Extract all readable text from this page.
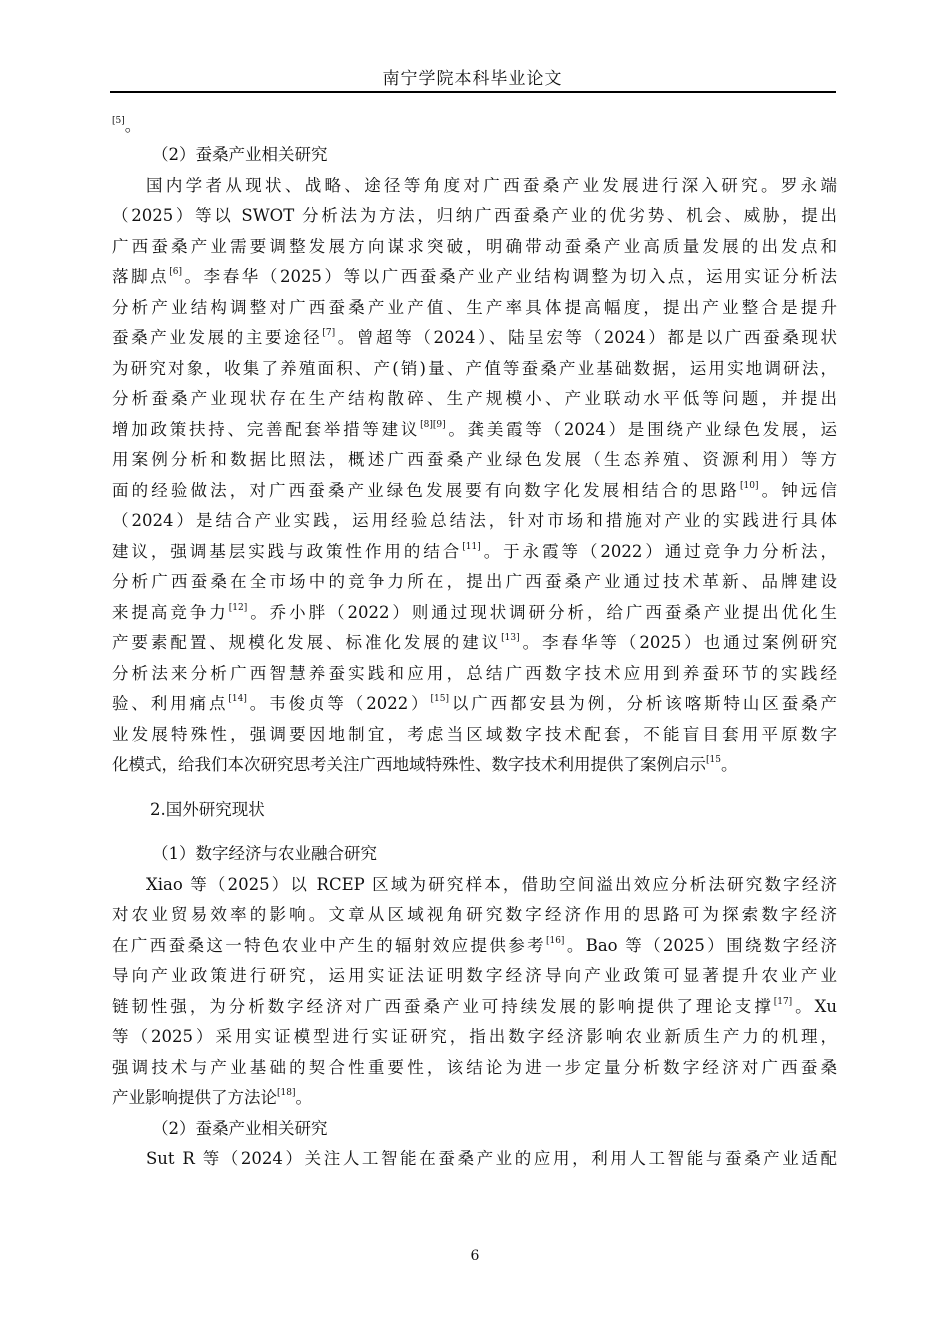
南宁学院本科毕业论文
[5]。
（2）蚕桑产业相关研究
国内学者从现状、战略、途径等角度对广西蚕桑产业发展进行深入研究。罗永端
（2025）等以 SWOT 分析法为方法，归纳广西蚕桑产业的优劣势、机会、威胁，提出
广西蚕桑产业需要调整发展方向谋求突破，明确带动蚕桑产业高质量发展的出发点和
落脚点[6]。李春华（2025）等以广西蚕桑产业产业结构调整为切入点，运用实证分析法
分析产业结构调整对广西蚕桑产业产值、生产率具体提高幅度，提出产业整合是提升
蚕桑产业发展的主要途径[7]。曾超等（2024）、陆呈宏等（2024）都是以广西蚕桑现状
为研究对象，收集了养殖面积、产(销)量、产值等蚕桑产业基础数据，运用实地调研法，
分析蚕桑产业现状存在生产结构散碎、生产规模小、产业联动水平低等问题，并提出
增加政策扶持、完善配套举措等建议[8][9]。龚美霞等（2024）是围绕产业绿色发展，运
用案例分析和数据比照法，概述广西蚕桑产业绿色发展（生态养殖、资源利用）等方
面的经验做法，对广西蚕桑产业绿色发展要有向数字化发展相结合的思路[10]。钟远信
（2024）是结合产业实践，运用经验总结法，针对市场和措施对产业的实践进行具体
建议，强调基层实践与政策性作用的结合[11]。于永霞等（2022）通过竞争力分析法，
分析广西蚕桑在全市场中的竞争力所在，提出广西蚕桑产业通过技术革新、品牌建设
来提高竞争力[12]。乔小胖（2022）则通过现状调研分析，给广西蚕桑产业提出优化生
产要素配置、规模化发展、标准化发展的建议[13]。李春华等（2025）也通过案例研究
分析法来分析广西智慧养蚕实践和应用，总结广西数字技术应用到养蚕环节的实践经
验、利用痛点[14]。韦俊贞等（2022）[15]以广西都安县为例，分析该喀斯特山区蚕桑产
业发展特殊性，强调要因地制宜，考虑当区域数字技术配套，不能盲目套用平原数字
化模式，给我们本次研究思考关注广西地域特殊性、数字技术利用提供了案例启示$^{[15}$。
2.国外研究现状
（1）数字经济与农业融合研究
Xiao 等（2025）以 RCEP 区域为研究样本，借助空间溢出效应分析法研究数字经济
对农业贸易效率的影响。文章从区域视角研究数字经济作用的思路可为探索数字经济
在广西蚕桑这一特色农业中产生的辐射效应提供参考[16]。Bao 等（2025）围绕数字经济
导向产业政策进行研究，运用实证法证明数字经济导向产业政策可显著提升农业产业
链韧性强，为分析数字经济对广西蚕桑产业可持续发展的影响提供了理论支撑[17]。Xu
等（2025）采用实证模型进行实证研究，指出数字经济影响农业新质生产力的机理，
强调技术与产业基础的契合性重要性，该结论为进一步定量分析数字经济对广西蚕桑
产业影响提供了方法论[18]。
（2）蚕桑产业相关研究
Sut R 等（2024）关注人工智能在蚕桑产业的应用，利用人工智能与蚕桑产业适配
6
